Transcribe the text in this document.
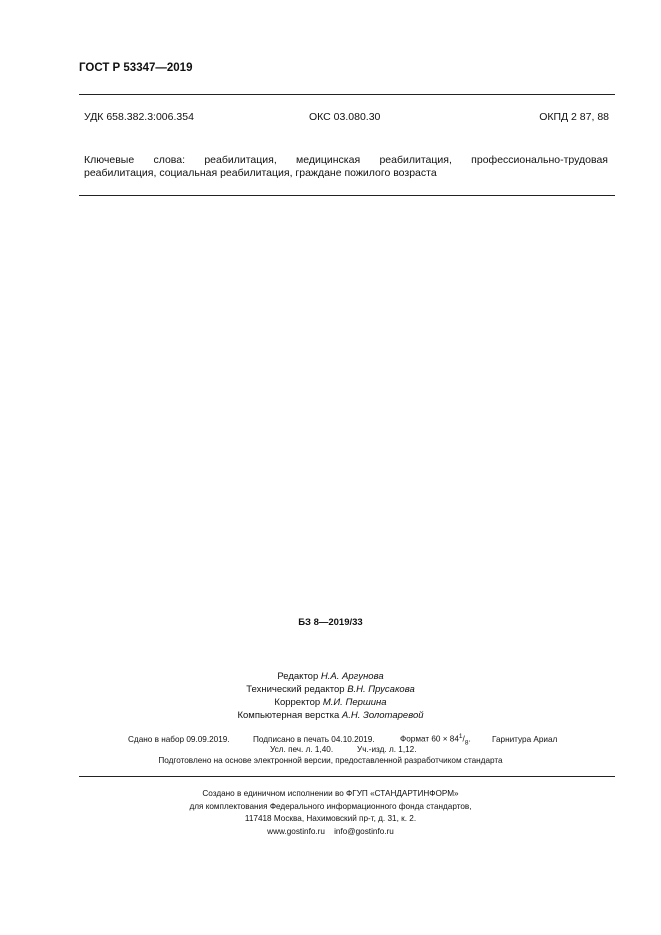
ГОСТ Р 53347—2019
УДК 658.382.3:006.354	ОКС 03.080.30	ОКПД 2 87, 88
Ключевые слова: реабилитация, медицинская реабилитация, профессионально-трудовая
реабилитация, социальная реабилитация, граждане пожилого возраста
БЗ 8—2019/33
Редактор Н.А. Аргунова
Технический редактор В.Н. Прусакова
Корректор М.И. Першина
Компьютерная верстка А.Н. Золотаревой
Сдано в набор 09.09.2019.	Подписано в печать 04.10.2019.	Формат $60 \times 84^1/_8$.	Гарнитура Ариал
Усл. печ. л. 1,40.	Уч.-изд. л. 1,12.
Подготовлено на основе электронной версии, предоставленной разработчиком стандарта
Создано в единичном исполнении во ФГУП «СТАНДАРТИНФОРМ»
для комплектования Федерального информационного фонда стандартов,
117418 Москва, Нахимовский пр-т, д. 31, к. 2.
www.gostinfo.ru info@gostinfo.ru
